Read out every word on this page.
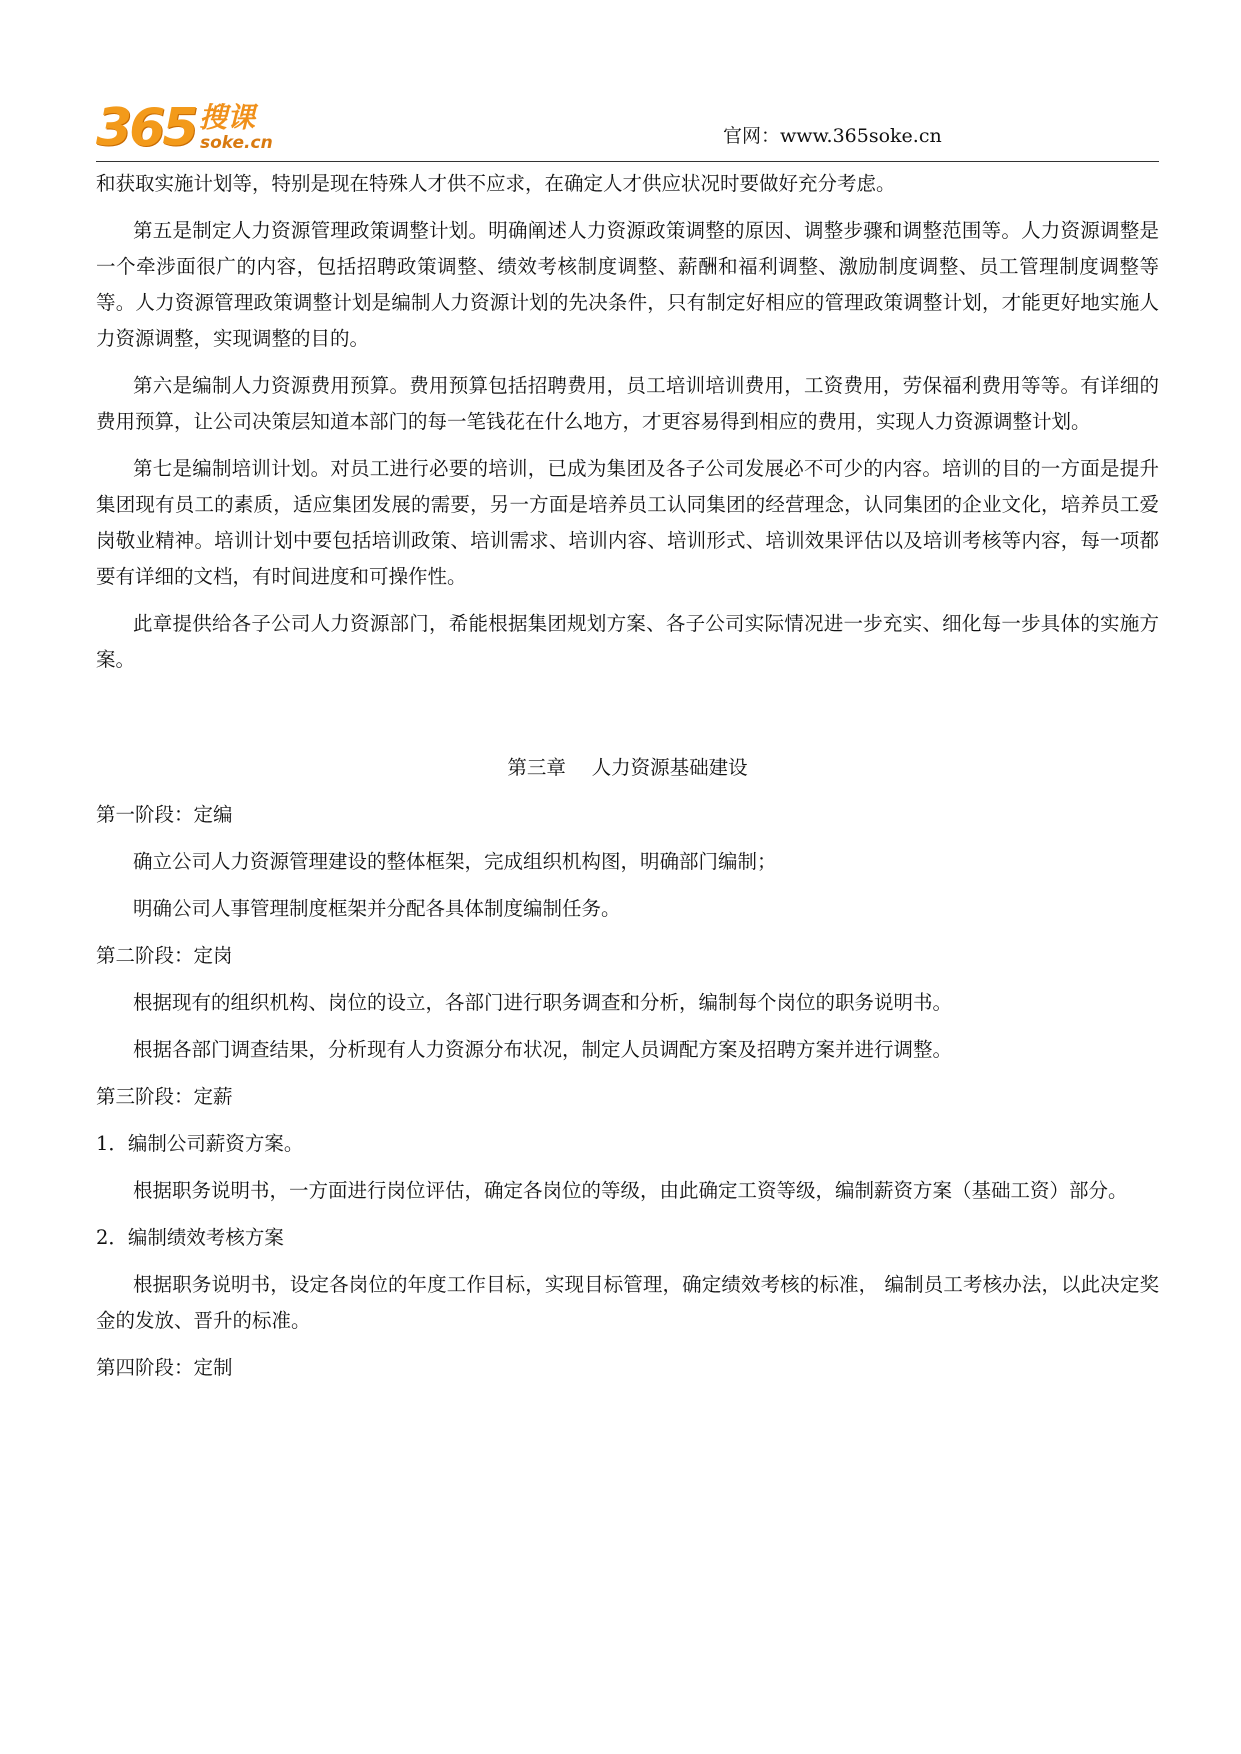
365 搜课
soke.cn	官网：www.365soke.cn

和获取实施计划等，特别是现在特殊人才供不应求，在确定人才供应状况时要做好充分考虑。

第五是制定人力资源管理政策调整计划。明确阐述人力资源政策调整的原因、调整步骤和调整范围等。人力资源调整是一个牵涉面很广的内容，包括招聘政策调整、绩效考核制度调整、薪酬和福利调整、激励制度调整、员工管理制度调整等等。人力资源管理政策调整计划是编制人力资源计划的先决条件，只有制定好相应的管理政策调整计划，才能更好地实施人力资源调整，实现调整的目的。

第六是编制人力资源费用预算。费用预算包括招聘费用，员工培训培训费用，工资费用，劳保福利费用等等。有详细的费用预算，让公司决策层知道本部门的每一笔钱花在什么地方，才更容易得到相应的费用，实现人力资源调整计划。

第七是编制培训计划。对员工进行必要的培训，已成为集团及各子公司发展必不可少的内容。培训的目的一方面是提升集团现有员工的素质，适应集团发展的需要，另一方面是培养员工认同集团的经营理念，认同集团的企业文化，培养员工爱岗敬业精神。培训计划中要包括培训政策、培训需求、培训内容、培训形式、培训效果评估以及培训考核等内容，每一项都要有详细的文档，有时间进度和可操作性。

此章提供给各子公司人力资源部门，希能根据集团规划方案、各子公司实际情况进一步充实、细化每一步具体的实施方案。

第三章　 人力资源基础建设

第一阶段：定编

确立公司人力资源管理建设的整体框架，完成组织机构图，明确部门编制；

明确公司人事管理制度框架并分配各具体制度编制任务。

第二阶段：定岗

根据现有的组织机构、岗位的设立，各部门进行职务调查和分析，编制每个岗位的职务说明书。

根据各部门调查结果，分析现有人力资源分布状况，制定人员调配方案及招聘方案并进行调整。

第三阶段：定薪

1．编制公司薪资方案。

根据职务说明书，一方面进行岗位评估，确定各岗位的等级，由此确定工资等级，编制薪资方案（基础工资）部分。

2．编制绩效考核方案

根据职务说明书，设定各岗位的年度工作目标，实现目标管理，确定绩效考核的标准， 编制员工考核办法，以此决定奖金的发放、晋升的标准。

第四阶段：定制
